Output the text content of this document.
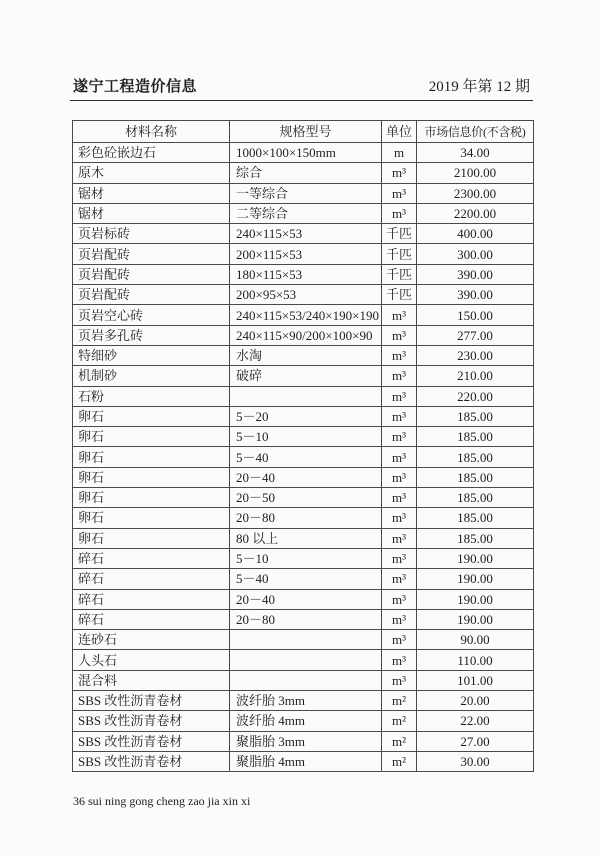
遂宁工程造价信息	2019 年第 12 期
材料名称	规格型号	单位	市场信息价(不含税)
彩色砼嵌边石	1000×100×150mm	m	34.00
原木	综合	m³	2100.00
锯材	一等综合	m³	2300.00
锯材	二等综合	m³	2200.00
页岩标砖	240×115×53	千匹	400.00
页岩配砖	200×115×53	千匹	300.00
页岩配砖	180×115×53	千匹	390.00
页岩配砖	200×95×53	千匹	390.00
页岩空心砖	240×115×53/240×190×190	m³	150.00
页岩多孔砖	240×115×90/200×100×90	m³	277.00
特细砂	水淘	m³	230.00
机制砂	破碎	m³	210.00
石粉		m³	220.00
卵石	5－20	m³	185.00
卵石	5－10	m³	185.00
卵石	5－40	m³	185.00
卵石	20－40	m³	185.00
卵石	20－50	m³	185.00
卵石	20－80	m³	185.00
卵石	80 以上	m³	185.00
碎石	5－10	m³	190.00
碎石	5－40	m³	190.00
碎石	20－40	m³	190.00
碎石	20－80	m³	190.00
连砂石		m³	90.00
人头石		m³	110.00
混合料		m³	101.00
SBS 改性沥青卷材	波纤胎 3mm	m²	20.00
SBS 改性沥青卷材	波纤胎 4mm	m²	22.00
SBS 改性沥青卷材	聚脂胎 3mm	m²	27.00
SBS 改性沥青卷材	聚脂胎 4mm	m²	30.00
36 sui ning gong cheng zao jia xin xi
